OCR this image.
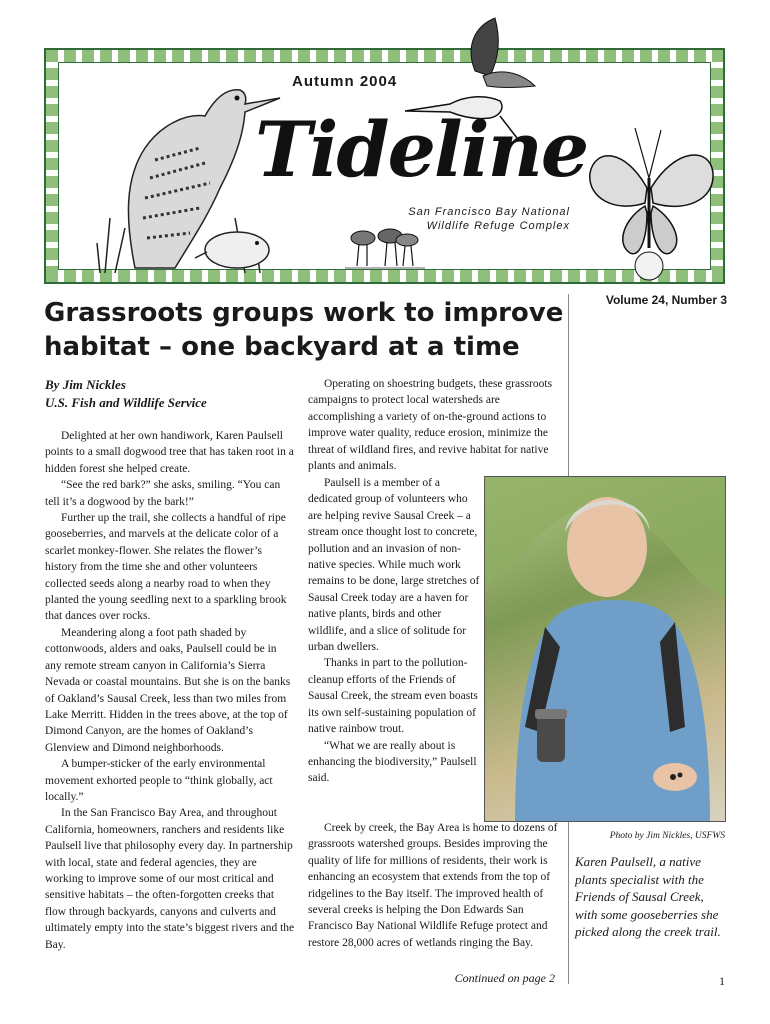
Autumn 2004
Tideline
San Francisco Bay National
Wildlife Refuge Complex
Volume 24, Number 3
Grassroots groups work to improve
habitat – one backyard at a time
By Jim Nickles
U.S. Fish and Wildlife Service

Delighted at her own handiwork, Karen Paulsell points to a small dogwood tree that has taken root in a hidden forest she helped create.

“See the red bark?” she asks, smiling. “You can tell it’s a dogwood by the bark!”

Further up the trail, she collects a handful of ripe gooseberries, and marvels at the delicate color of a scarlet monkey-flower. She relates the flower’s history from the time she and other volunteers collected seeds along a nearby road to when they planted the young seedling next to a sparkling brook that dances over rocks.

Meandering along a foot path shaded by cottonwoods, alders and oaks, Paulsell could be in any remote stream canyon in California’s Sierra Nevada or coastal mountains. But she is on the banks of Oakland’s Sausal Creek, less than two miles from Lake Merritt. Hidden in the trees above, at the top of Dimond Canyon, are the homes of Oakland’s Glenview and Dimond neighborhoods.

A bumper-sticker of the early environmental movement exhorted people to “think globally, act locally.”

In the San Francisco Bay Area, and throughout California, homeowners, ranchers and residents like Paulsell live that philosophy every day. In partnership with local, state and federal agencies, they are working to improve some of our most critical and sensitive habitats – the often-forgotten creeks that flow through backyards, canyons and culverts and ultimately empty into the state’s biggest rivers and the Bay.

Operating on shoestring budgets, these grassroots campaigns to protect local watersheds are accomplishing a variety of on-the-ground actions to improve water quality, reduce erosion, minimize the threat of wildland fires, and revive habitat for native plants and animals.

Paulsell is a member of a dedicated group of volunteers who are helping revive Sausal Creek – a stream once thought lost to concrete, pollution and an invasion of non-native species. While much work remains to be done, large stretches of Sausal Creek today are a haven for native plants, birds and other wildlife, and a slice of solitude for urban dwellers.

Thanks in part to the pollution-cleanup efforts of the Friends of Sausal Creek, the stream even boasts its own self-sustaining population of native rainbow trout.

“What we are really about is enhancing the biodiversity,” Paulsell said.

Creek by creek, the Bay Area is home to dozens of grassroots watershed groups. Besides improving the quality of life for millions of residents, their work is enhancing an ecosystem that extends from the top of ridgelines to the Bay itself. The improved health of several creeks is helping the Don Edwards San Francisco Bay National Wildlife Refuge protect and restore 28,000 acres of wetlands ringing the Bay.

Continued on page 2
Photo by Jim Nickles, USFWS
Karen Paulsell, a native plants specialist with the Friends of Sausal Creek, with some gooseberries she picked along the creek trail.
1
